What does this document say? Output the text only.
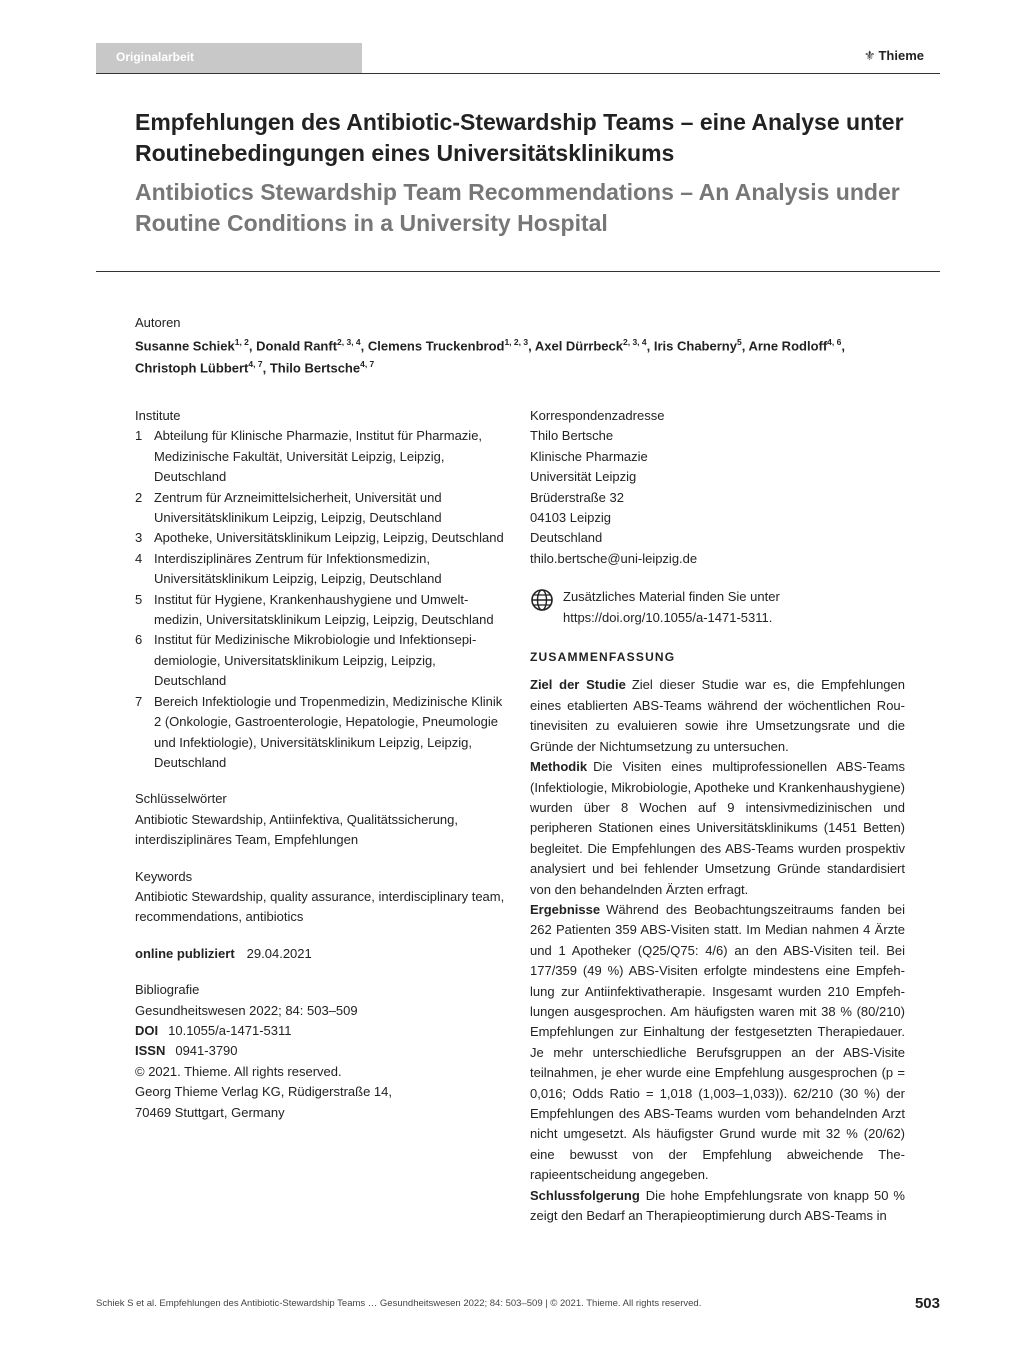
Originalarbeit	⚜ Thieme
Empfehlungen des Antibiotic-Stewardship Teams – eine Analyse unter Routinebedingungen eines Universitätsklinikums
Antibiotics Stewardship Team Recommendations – An Analysis under Routine Conditions in a University Hospital
Autoren
Susanne Schiek$^{1, 2}$, Donald Ranft$^{2, 3, 4}$, Clemens Truckenbrod$^{1, 2, 3}$, Axel Dürrbeck$^{2, 3, 4}$, Iris Chaberny$^5$, Arne Rodloff$^{4, 6}$,
Christoph Lübbert$^{4, 7}$, Thilo Bertsche$^{4, 7}$
Institute
1 Abteilung für Klinische Pharmazie, Institut für Pharmazie, Medizinische Fakultät, Universität Leipzig, Leipzig, Deutschland
2 Zentrum für Arzneimittelsicherheit, Universität und Universitätsklinikum Leipzig, Leipzig, Deutschland
3 Apotheke, Universitätsklinikum Leipzig, Leipzig, Deutschland
4 Interdisziplinäres Zentrum für Infektionsmedizin, Universitätsklinikum Leipzig, Leipzig, Deutschland
5 Institut für Hygiene, Krankenhaushygiene und Umweltmedizin, Universitatsklinikum Leipzig, Leipzig, Deutschland
6 Institut für Medizinische Mikrobiologie und Infektionsepidemiologie, Universitatsklinikum Leipzig, Leipzig, Deutschland
7 Bereich Infektiologie und Tropenmedizin, Medizinische Klinik 2 (Onkologie, Gastroenterologie, Hepatologie, Pneumologie und Infektiologie), Universitätsklinikum Leipzig, Leipzig, Deutschland
Schlüsselwörter
Antibiotic Stewardship, Antiinfektiva, Qualitätssicherung, interdisziplinäres Team, Empfehlungen
Keywords
Antibiotic Stewardship, quality assurance, interdisciplinary team, recommendations, antibiotics
online publiziert 29.04.2021
Bibliografie
Gesundheitswesen 2022; 84: 503–509
DOI 10.1055/a-1471-5311
ISSN 0941-3790
© 2021. Thieme. All rights reserved.
Georg Thieme Verlag KG, Rüdigerstraße 14,
70469 Stuttgart, Germany
Korrespondenzadresse
Thilo Bertsche
Klinische Pharmazie
Universität Leipzig
Brüderstraße 32
04103 Leipzig
Deutschland
thilo.bertsche@uni-leipzig.de
Zusätzliches Material finden Sie unter https://doi.org/10.1055/a-1471-5311.
ZUSAMMENFASSUNG

Ziel der Studie Ziel dieser Studie war es, die Empfehlungen eines etablierten ABS-Teams während der wöchentlichen Routinevisiten zu evaluieren sowie ihre Umsetzungsrate und die Gründe der Nichtumsetzung zu untersuchen.

Methodik Die Visiten eines multiprofessionellen ABS-Teams (Infektiologie, Mikrobiologie, Apotheke und Krankenhaushygiene) wurden über 8 Wochen auf 9 intensivmedizinischen und peripheren Stationen eines Universitätsklinikums (1451 Betten) begleitet. Die Empfehlungen des ABS-Teams wurden prospektiv analysiert und bei fehlender Umsetzung Gründe standardisiert von den behandelnden Ärzten erfragt.

Ergebnisse Während des Beobachtungszeitraums fanden bei 262 Patienten 359 ABS-Visiten statt. Im Median nahmen 4 Ärzte und 1 Apotheker (Q25/Q75: 4/6) an den ABS-Visiten teil. Bei 177/359 (49 %) ABS-Visiten erfolgte mindestens eine Empfehlung zur Antiinfektivatherapie. Insgesamt wurden 210 Empfehlungen ausgesprochen. Am häufigsten waren mit 38 % (80/210) Empfehlungen zur Einhaltung der festgesetzten Therapiedauer. Je mehr unterschiedliche Berufsgruppen an der ABS-Visite teilnahmen, je eher wurde eine Empfehlung ausgesprochen (p = 0,016; Odds Ratio = 1,018 (1,003–1,033)). 62/210 (30 %) der Empfehlungen des ABS-Teams wurden vom behandelnden Arzt nicht umgesetzt. Als häufigster Grund wurde mit 32 % (20/62) eine bewusst von der Empfehlung abweichende Therapieentscheidung angegeben.

Schlussfolgerung Die hohe Empfehlungsrate von knapp 50 % zeigt den Bedarf an Therapieoptimierung durch ABS-Teams in

Schiek S et al. Empfehlungen des Antibiotic-Stewardship Teams … Gesundheitswesen 2022; 84: 503–509 | © 2021. Thieme. All rights reserved.	503
